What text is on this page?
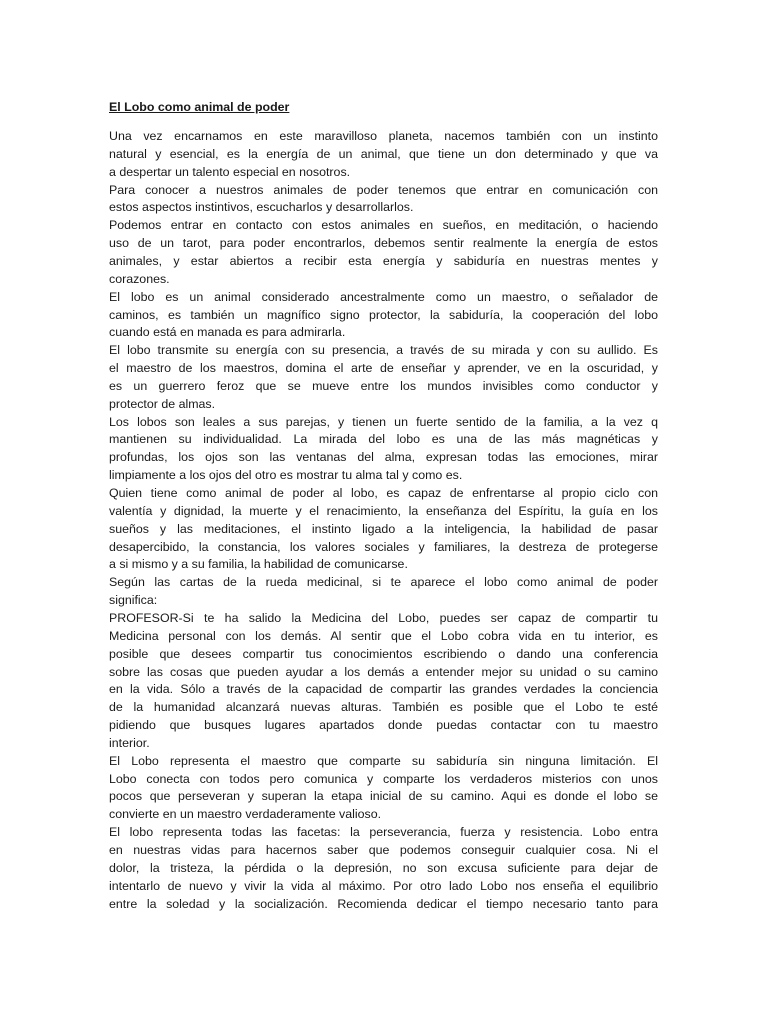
El Lobo como animal de poder
Una vez encarnamos en este maravilloso planeta, nacemos también con un instinto
natural y esencial, es la energía de un animal, que tiene un don determinado y que va
a despertar un talento especial en nosotros.
Para conocer a nuestros animales de poder tenemos que entrar en comunicación con
estos aspectos instintivos, escucharlos y desarrollarlos.
Podemos entrar en contacto con estos animales en sueños, en meditación, o haciendo
uso de un tarot, para poder encontrarlos, debemos sentir realmente la energía de estos
animales, y estar abiertos a recibir esta energía y sabiduría en nuestras mentes y
corazones.
El lobo es un animal considerado ancestralmente como un maestro, o señalador de
caminos, es también un magnífico signo protector, la sabiduría, la cooperación del lobo
cuando está en manada es para admirarla.
El lobo transmite su energía con su presencia, a través de su mirada y con su aullido. Es
el maestro de los maestros, domina el arte de enseñar y aprender, ve en la oscuridad, y
es un guerrero feroz que se mueve entre los mundos invisibles como conductor y
protector de almas.
Los lobos son leales a sus parejas, y tienen un fuerte sentido de la familia, a la vez q
mantienen su individualidad. La mirada del lobo es una de las más magnéticas y
profundas, los ojos son las ventanas del alma, expresan todas las emociones, mirar
limpiamente a los ojos del otro es mostrar tu alma tal y como es.
Quien tiene como animal de poder al lobo, es capaz de enfrentarse al propio ciclo con
valentía y dignidad, la muerte y el renacimiento, la enseñanza del Espíritu, la guía en los
sueños y las meditaciones, el instinto ligado a la inteligencia, la habilidad de pasar
desapercibido, la constancia, los valores sociales y familiares, la destreza de protegerse
a si mismo y a su familia, la habilidad de comunicarse.
Según las cartas de la rueda medicinal, si te aparece el lobo como animal de poder
significa:
PROFESOR-Si te ha salido la Medicina del Lobo, puedes ser capaz de compartir tu
Medicina personal con los demás. Al sentir que el Lobo cobra vida en tu interior, es
posible que desees compartir tus conocimientos escribiendo o dando una conferencia
sobre las cosas que pueden ayudar a los demás a entender mejor su unidad o su camino
en la vida. Sólo a través de la capacidad de compartir las grandes verdades la conciencia
de la humanidad alcanzará nuevas alturas. También es posible que el Lobo te esté
pidiendo que busques lugares apartados donde puedas contactar con tu maestro
interior.
El Lobo representa el maestro que comparte su sabiduría sin ninguna limitación. El
Lobo conecta con todos pero comunica y comparte los verdaderos misterios con unos
pocos que perseveran y superan la etapa inicial de su camino. Aqui es donde el lobo se
convierte en un maestro verdaderamente valioso.
El lobo representa todas las facetas: la perseverancia, fuerza y resistencia. Lobo entra
en nuestras vidas para hacernos saber que podemos conseguir cualquier cosa. Ni el
dolor, la tristeza, la pérdida o la depresión, no son excusa suficiente para dejar de
intentarlo de nuevo y vivir la vida al máximo. Por otro lado Lobo nos enseña el equilibrio
entre la soledad y la socialización. Recomienda dedicar el tiempo necesario tanto para
